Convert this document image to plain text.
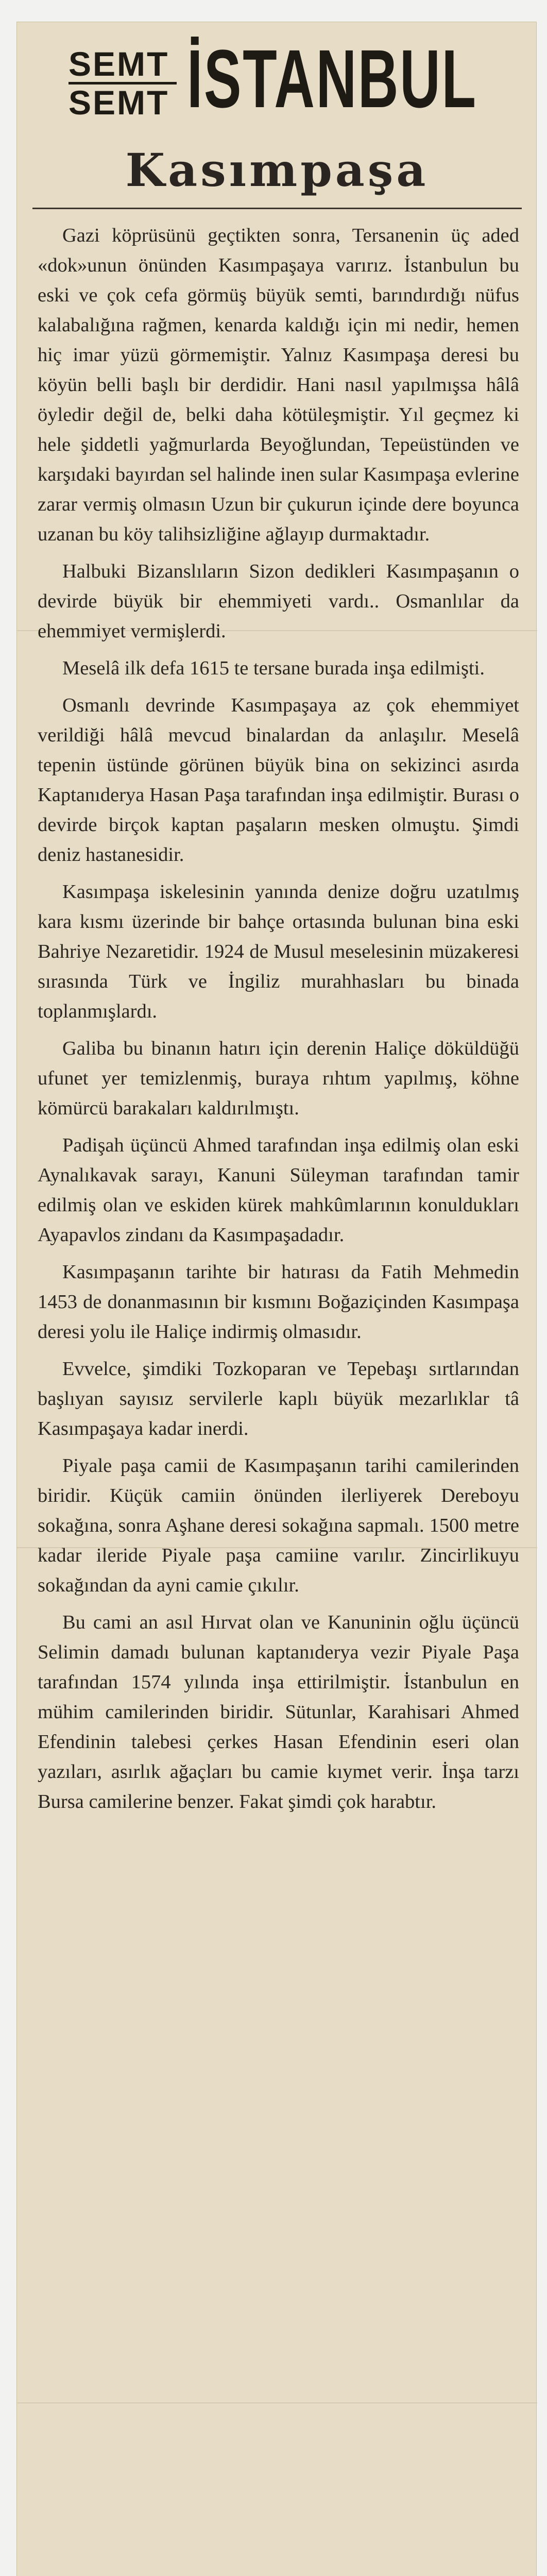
SEMT
SEMT İSTANBUL
Kasımpaşa

Gazi köprüsünü geçtikten sonra, Tersanenin üç aded «dok»unun önünden Kasımpaşaya varırız. İstanbulun bu eski ve çok cefa görmüş büyük semti, barındırdığı nüfus kalabalığına rağmen, kenarda kaldığı için mi nedir, hemen hiç imar yüzü görmemiştir. Yalnız Kasımpaşa deresi bu köyün belli başlı bir derdidir. Hani nasıl yapılmışsa hâlâ öyledir değil de, belki daha kötüleşmiştir. Yıl geçmez ki hele şiddetli yağmurlarda Beyoğlundan, Tepeüstünden ve karşıdaki bayırdan sel halinde inen sular Kasımpaşa evlerine zarar vermiş olmasın Uzun bir çukurun içinde dere boyunca uzanan bu köy talihsizliğine ağlayıp durmaktadır.

Halbuki Bizanslıların Sizon dedikleri Kasımpaşanın o devirde büyük bir ehemmiyeti vardı.. Osmanlılar da ehemmiyet vermişlerdi.

Meselâ ilk defa 1615 te tersane burada inşa edilmişti.

Osmanlı devrinde Kasımpaşaya az çok ehemmiyet verildiği hâlâ mevcud binalardan da anlaşılır. Meselâ tepenin üstünde görünen büyük bina on sekizinci asırda Kaptanıderya Hasan Paşa tarafından inşa edilmiştir. Burası o devirde birçok kaptan paşaların mesken olmuştu. Şimdi deniz hastanesidir.

Kasımpaşa iskelesinin yanında denize doğru uzatılmış kara kısmı üzerinde bir bahçe ortasında bulunan bina eski Bahriye Nezaretidir. 1924 de Musul meselesinin müzakeresi sırasında Türk ve İngiliz murahhasları bu binada toplanmışlardı.

Galiba bu binanın hatırı için derenin Haliçe döküldüğü ufunet yer temizlenmiş, buraya rıhtım yapılmış, köhne kömürcü barakaları kaldırılmıştı.

Padişah üçüncü Ahmed tarafından inşa edilmiş olan eski Aynalıkavak sarayı, Kanuni Süleyman tarafından tamir edilmiş olan ve eskiden kürek mahkûmlarının konuldukları Ayapavlos zindanı da Kasımpaşadadır.

Kasımpaşanın tarihte bir hatırası da Fatih Mehmedin 1453 de donanmasının bir kısmını Boğaziçinden Kasımpaşa deresi yolu ile Haliçe indirmiş olmasıdır.

Evvelce, şimdiki Tozkoparan ve Tepebaşı sırtlarından başlıyan sayısız servilerle kaplı büyük mezarlıklar tâ Kasımpaşaya kadar inerdi.

Piyale paşa camii de Kasımpaşanın tarihi camilerinden biridir. Küçük camiin önünden ilerliyerek Dereboyu sokağına, sonra Aşhane deresi sokağına sapmalı. 1500 metre kadar ileride Piyale paşa camiine varılır. Zincirlikuyu sokağından da ayni camie çıkılır.

Bu cami an asıl Hırvat olan ve Kanuninin oğlu üçüncü Selimin damadı bulunan kaptanıderya vezir Piyale Paşa tarafından 1574 yılında inşa ettirilmiştir. İstanbulun en mühim camilerinden biridir. Sütunlar, Karahisari Ahmed Efendinin talebesi çerkes Hasan Efendinin eseri olan yazıları, asırlık ağaçları bu camie kıymet verir. İnşa tarzı Bursa camilerine benzer. Fakat şimdi çok harabtır.
